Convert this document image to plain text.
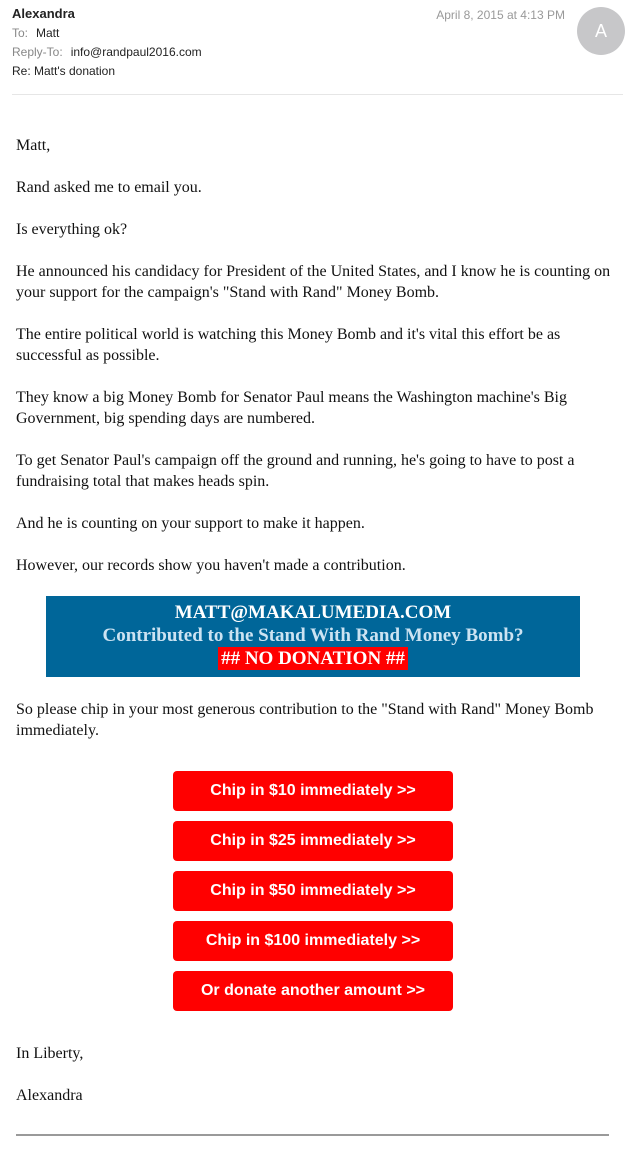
Alexandra
To: Matt
Reply-To: info@randpaul2016.com
Re: Matt's donation
April 8, 2015 at 4:13 PM
A

Matt,

Rand asked me to email you.

Is everything ok?

He announced his candidacy for President of the United States, and I know he is counting on your support for the campaign's "Stand with Rand" Money Bomb.

The entire political world is watching this Money Bomb and it's vital this effort be as successful as possible.

They know a big Money Bomb for Senator Paul means the Washington machine's Big Government, big spending days are numbered.

To get Senator Paul's campaign off the ground and running, he's going to have to post a fundraising total that makes heads spin.

And he is counting on your support to make it happen.

However, our records show you haven't made a contribution.

MATT@MAKALUMEDIA.COM
Contributed to the Stand With Rand Money Bomb?
## NO DONATION ##

So please chip in your most generous contribution to the "Stand with Rand" Money Bomb immediately.

Chip in $10 immediately >>
Chip in $25 immediately >>
Chip in $50 immediately >>
Chip in $100 immediately >>
Or donate another amount >>

In Liberty,

Alexandra
